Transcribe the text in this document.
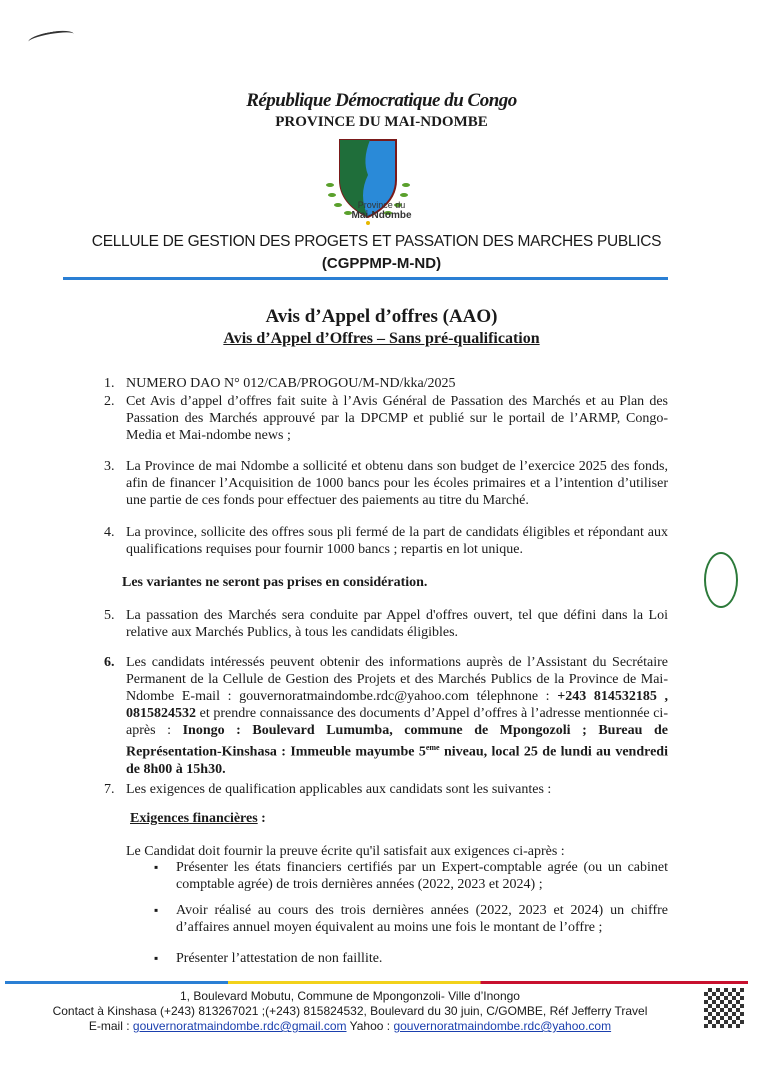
République Démocratique du Congo
PROVINCE DU MAI-NDOMBE
Province du
Mai-Ndombe
CELLULE DE GESTION DES PROGETS ET PASSATION DES MARCHES PUBLICS
(CGPPMP-M-ND)
Avis d’Appel d’offres (AAO)
Avis d’Appel d’Offres – Sans pré-qualification
1. NUMERO DAO N° 012/CAB/PROGOU/M-ND/kka/2025
2. Cet Avis d’appel d’offres fait suite à l’Avis Général de Passation des Marchés et au Plan des Passation des Marchés approuvé par la DPCMP et publié sur le portail de l’ARMP, Congo-Media et Mai-ndombe news ;
3. La Province de mai Ndombe a sollicité et obtenu dans son budget de l’exercice 2025 des fonds, afin de financer l’Acquisition de 1000 bancs pour les écoles primaires et a l’intention d’utiliser une partie de ces fonds pour effectuer des paiements au titre du Marché.
4. La province, sollicite des offres sous pli fermé de la part de candidats éligibles et répondant aux qualifications requises pour fournir 1000 bancs ; repartis en lot unique.
Les variantes ne seront pas prises en considération.
5. La passation des Marchés sera conduite par Appel d'offres ouvert, tel que défini dans la Loi relative aux Marchés Publics, à tous les candidats éligibles.
6. Les candidats intéressés peuvent obtenir des informations auprès de l’Assistant du Secrétaire Permanent de la Cellule de Gestion des Projets et des Marchés Publics de la Province de Mai-Ndombe E-mail : gouvernoratmaindombe.rdc@yahoo.com télephnone : +243 814532185 , 0815824532 et prendre connaissance des documents d’Appel d’offres à l’adresse mentionnée ci-après : Inongo : Boulevard Lumumba, commune de Mpongozoli ; Bureau de Représentation-Kinshasa : Immeuble mayumbe 5eme niveau, local 25 de lundi au vendredi de 8h00 à 15h30.
7. Les exigences de qualification applicables aux candidats sont les suivantes :
Exigences financières :
Le Candidat doit fournir la preuve écrite qu'il satisfait aux exigences ci-après :
▪ Présenter les états financiers certifiés par un Expert-comptable agrée (ou un cabinet comptable agrée) de trois dernières années (2022, 2023 et 2024) ;
▪ Avoir réalisé au cours des trois dernières années (2022, 2023 et 2024) un chiffre d’affaires annuel moyen équivalent au moins une fois le montant de l’offre ;
▪ Présenter l’attestation de non faillite.
1, Boulevard Mobutu, Commune de Mpongonzoli- Ville d’Inongo
Contact à Kinshasa (+243) 813267021 ;(+243) 815824532, Boulevard du 30 juin, C/GOMBE, Réf Jefferry Travel
E-mail : gouvernoratmaindombe.rdc@gmail.com Yahoo : gouvernoratmaindombe.rdc@yahoo.com
